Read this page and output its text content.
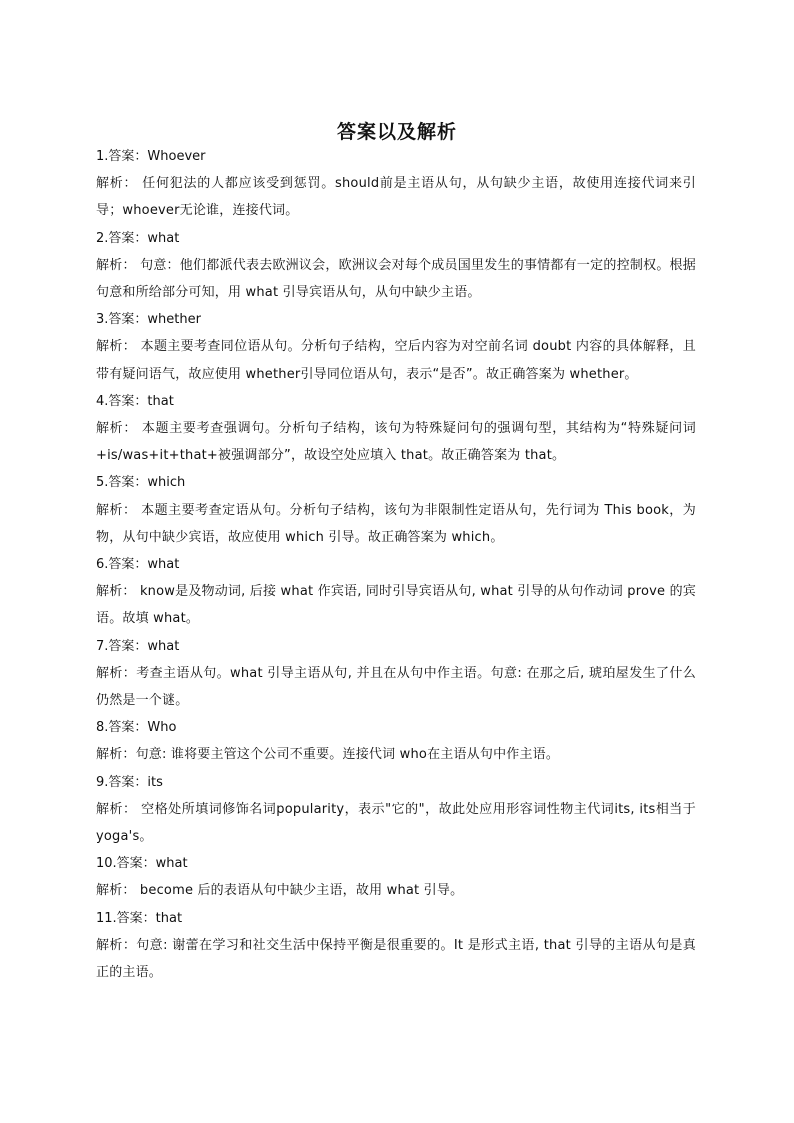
答案以及解析
1.答案：Whoever
解析： 任何犯法的人都应该受到惩罚。should前是主语从句，从句缺少主语，故使用连接代词来引导；whoever无论谁，连接代词。
2.答案：what
解析： 句意：他们都派代表去欧洲议会，欧洲议会对每个成员国里发生的事情都有一定的控制权。根据句意和所给部分可知，用 what 引导宾语从句，从句中缺少主语。
3.答案：whether
解析： 本题主要考查同位语从句。分析句子结构，空后内容为对空前名词 doubt 内容的具体解释，且带有疑问语气，故应使用 whether引导同位语从句，表示“是否”。故正确答案为 whether。
4.答案：that
解析： 本题主要考查强调句。分析句子结构，该句为特殊疑问句的强调句型，其结构为“特殊疑问词+is/was+it+that+被强调部分”，故设空处应填入 that。故正确答案为 that。
5.答案：which
解析： 本题主要考查定语从句。分析句子结构，该句为非限制性定语从句，先行词为 This book，为物，从句中缺少宾语，故应使用 which 引导。故正确答案为 which。
6.答案：what
解析： know是及物动词, 后接 what 作宾语, 同时引导宾语从句, what 引导的从句作动词 prove 的宾语。故填 what。
7.答案：what
解析：考查主语从句。what 引导主语从句, 并且在从句中作主语。句意: 在那之后, 琥珀屋发生了什么仍然是一个谜。
8.答案：Who
解析：句意: 谁将要主管这个公司不重要。连接代词 who在主语从句中作主语。
9.答案：its
解析： 空格处所填词修饰名词popularity，表示"它的"，故此处应用形容词性物主代词its, its相当于yoga's。
10.答案：what
解析： become 后的表语从句中缺少主语，故用 what 引导。
11.答案：that
解析：句意: 谢蕾在学习和社交生活中保持平衡是很重要的。It 是形式主语, that 引导的主语从句是真正的主语。
